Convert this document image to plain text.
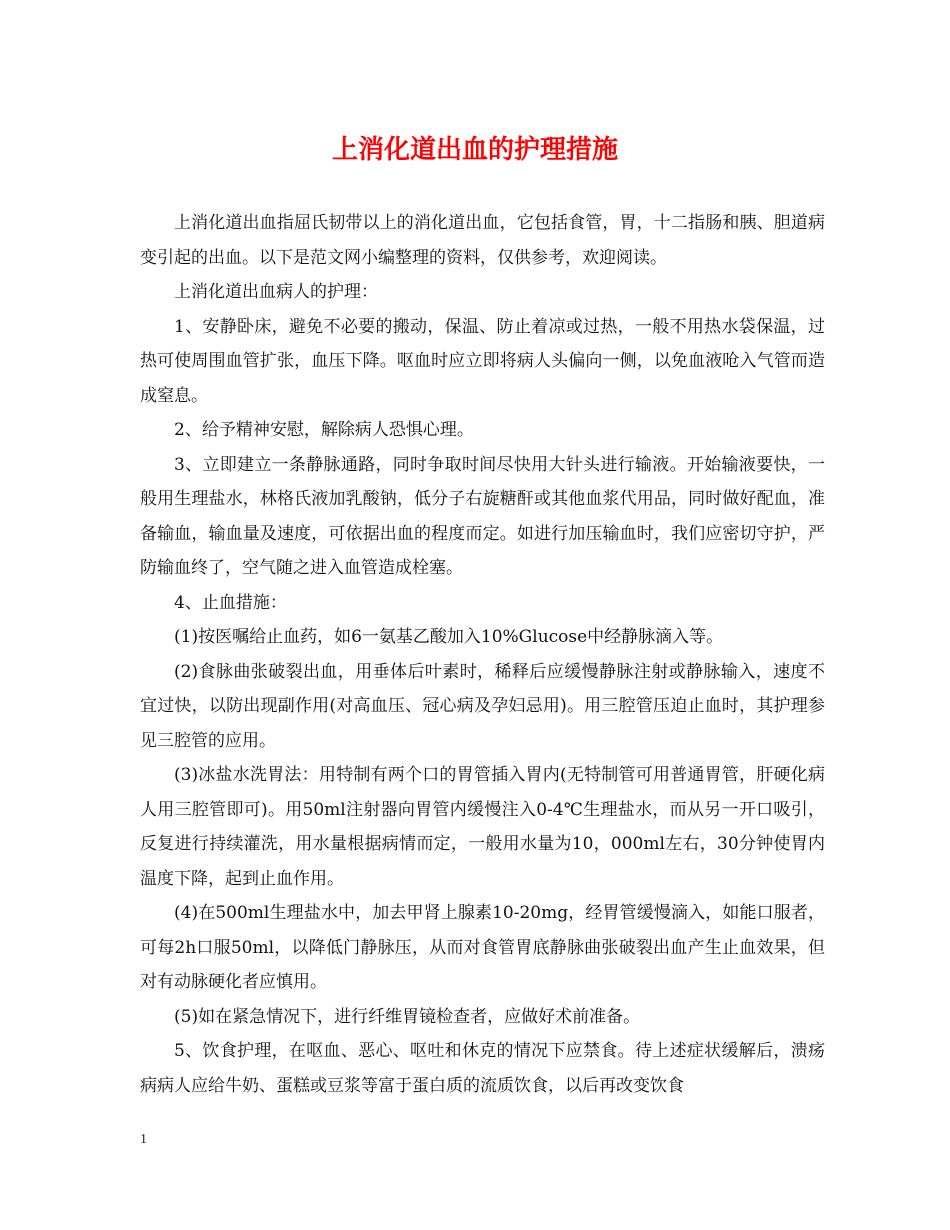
上消化道出血的护理措施

上消化道出血指屈氏韧带以上的消化道出血，它包括食管，胃，十二指肠和胰、胆道病变引起的出血。以下是范文网小编整理的资料，仅供参考，欢迎阅读。

上消化道出血病人的护理：

1、安静卧床，避免不必要的搬动，保温、防止着凉或过热，一般不用热水袋保温，过热可使周围血管扩张，血压下降。呕血时应立即将病人头偏向一侧，以免血液呛入气管而造成窒息。

2、给予精神安慰，解除病人恐惧心理。

3、立即建立一条静脉通路，同时争取时间尽快用大针头进行输液。开始输液要快，一般用生理盐水，林格氏液加乳酸钠，低分子右旋糖酐或其他血浆代用品，同时做好配血，准备输血，输血量及速度，可依据出血的程度而定。如进行加压输血时，我们应密切守护，严防输血终了，空气随之进入血管造成栓塞。

4、止血措施：

(1)按医嘱给止血药，如6一氨基乙酸加入10%Glucose中经静脉滴入等。

(2)食脉曲张破裂出血，用垂体后叶素时，稀释后应缓慢静脉注射或静脉输入，速度不宜过快，以防出现副作用(对高血压、冠心病及孕妇忌用)。用三腔管压迫止血时，其护理参见三腔管的应用。

(3)冰盐水洗胃法：用特制有两个口的胃管插入胃内(无特制管可用普通胃管，肝硬化病人用三腔管即可)。用50ml注射器向胃管内缓慢注入0-4℃生理盐水，而从另一开口吸引，反复进行持续灌洗，用水量根据病情而定，一般用水量为10，000ml左右，30分钟使胃内温度下降，起到止血作用。

(4)在500ml生理盐水中，加去甲肾上腺素10-20mg，经胃管缓慢滴入，如能口服者，可每2h口服50ml，以降低门静脉压，从而对食管胃底静脉曲张破裂出血产生止血效果，但对有动脉硬化者应慎用。

(5)如在紧急情况下，进行纤维胃镜检查者，应做好术前准备。

5、饮食护理，在呕血、恶心、呕吐和休克的情况下应禁食。待上述症状缓解后，溃疡病病人应给牛奶、蛋糕或豆浆等富于蛋白质的流质饮食，以后再改变饮食

1
